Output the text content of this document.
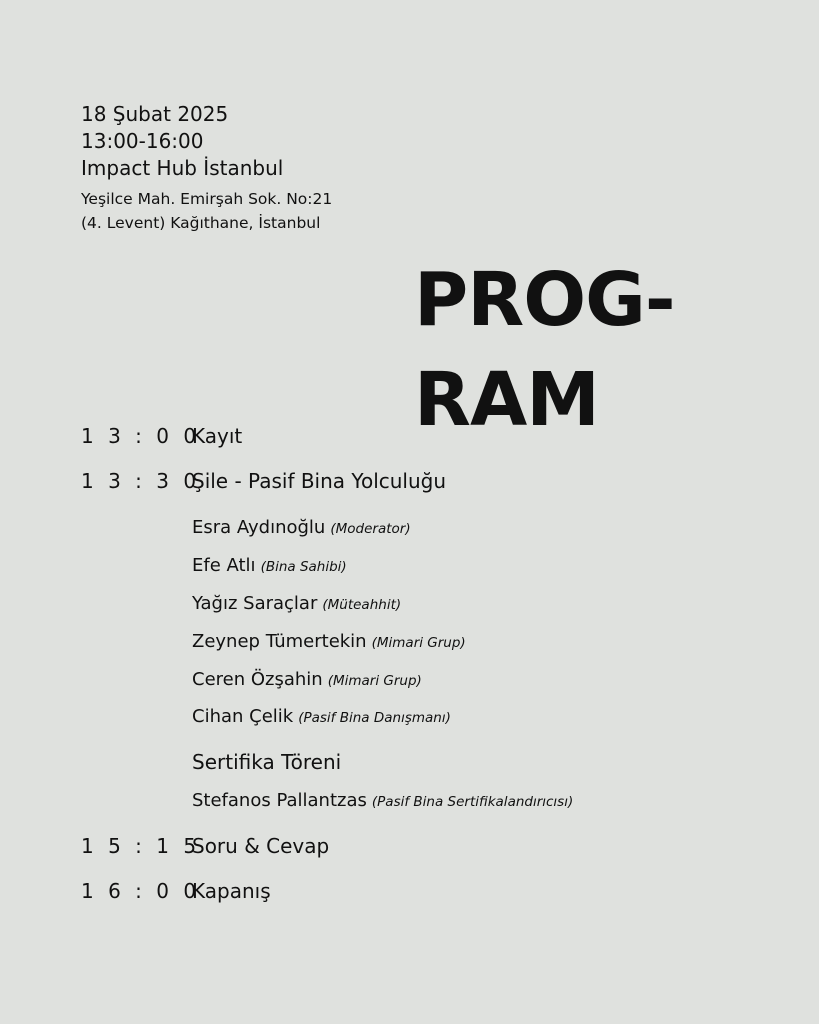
18 Şubat 2025
13:00-16:00
Impact Hub İstanbul
Yeşilce Mah. Emirşah Sok. No:21
(4. Levent) Kağıthane, İstanbul
PROG-
RAM
1 3 : 0 0
Kayıt
1 3 : 3 0
Şile - Pasif Bina Yolculuğu
Esra Aydınoğlu (Moderator)
Efe Atlı (Bina Sahibi)
Yağız Saraçlar (Müteahhit)
Zeynep Tümertekin (Mimari Grup)
Ceren Özşahin (Mimari Grup)
Cihan Çelik (Pasif Bina Danışmanı)
Sertifika Töreni
Stefanos Pallantzas (Pasif Bina Sertifikalandırıcısı)
1 5 : 1 5
Soru & Cevap
1 6 : 0 0
Kapanış
